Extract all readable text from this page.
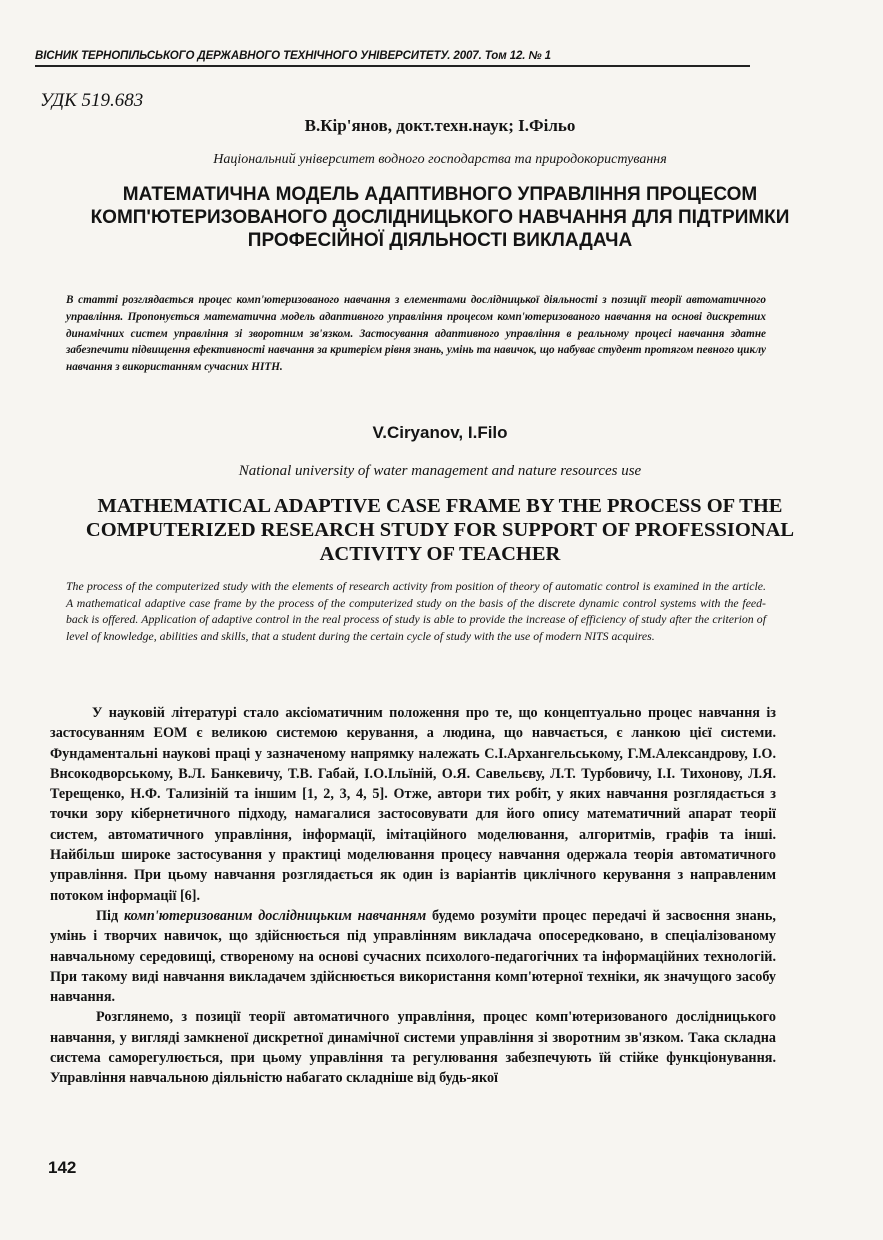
ВІСНИК ТЕРНОПІЛЬСЬКОГО ДЕРЖАВНОГО ТЕХНІЧНОГО УНІВЕРСИТЕТУ. 2007. Том 12. № 1
УДК 519.683
В.Кір'янов, докт.техн.наук; І.Фільо
Національний університет водного господарства та природокористування
МАТЕМАТИЧНА МОДЕЛЬ АДАПТИВНОГО УПРАВЛІННЯ ПРОЦЕСОМ КОМП'ЮТЕРИЗОВАНОГО ДОСЛІДНИЦЬКОГО НАВЧАННЯ ДЛЯ ПІДТРИМКИ ПРОФЕСІЙНОЇ ДІЯЛЬНОСТІ ВИКЛАДАЧА
В статті розглядається процес комп'ютеризованого навчання з елементами дослідницької діяльності з позиції теорії автоматичного управління. Пропонується математична модель адаптивного управління процесом комп'ютеризованого навчання на основі дискретних динамічних систем управління зі зворотним зв'язком. Застосування адаптивного управління в реальному процесі навчання здатне забезпечити підвищення ефективності навчання за критерієм рівня знань, умінь та навичок, що набуває студент протягом певного циклу навчання з використанням сучасних НІТН.
V.Ciryanov, I.Filo
National university of water management and nature resources use
MATHEMATICAL ADAPTIVE CASE FRAME BY THE PROCESS OF THE COMPUTERIZED RESEARCH STUDY FOR SUPPORT OF PROFESSIONAL ACTIVITY OF TEACHER
The process of the computerized study with the elements of research activity from position of theory of automatic control is examined in the article. A mathematical adaptive case frame by the process of the computerized study on the basis of the discrete dynamic control systems with the feed-back is offered. Application of adaptive control in the real process of study is able to provide the increase of efficiency of study after the criterion of level of knowledge, abilities and skills, that a student during the certain cycle of study with the use of modern NITS acquires.

У науковій літературі стало аксіоматичним положення про те, що концептуально процес навчання із застосуванням ЕОМ є великою системою керування, а людина, що навчається, є ланкою цієї системи. Фундаментальні наукові праці у зазначеному напрямку належать С.І.Архангельському, Г.М.Александрову, І.О. Внсокодворському, В.Л. Банкевичу, Т.В. Габай, І.О.Ільїній, О.Я. Савельєву, Л.Т. Турбовичу, І.І. Тихонову, Л.Я. Терещенко, Н.Ф. Тализіній та іншим [1, 2, 3, 4, 5]. Отже, автори тих робіт, у яких навчання розглядається з точки зору кібернетичного підходу, намагалися застосовувати для його опису математичний апарат теорії систем, автоматичного управління, інформації, імітаційного моделювання, алгоритмів, графів та інші. Найбільш широке застосування у практиці моделювання процесу навчання одержала теорія автоматичного управління. При цьому навчання розглядається як один із варіантів циклічного керування з направленим потоком інформації [6].

Під комп'ютеризованим дослідницьким навчанням будемо розуміти процес передачі й засвоєння знань, умінь і творчих навичок, що здійснюється під управлінням викладача опосередковано, в спеціалізованому навчальному середовищі, створеному на основі сучасних психолого-педагогічних та інформаційних технологій. При такому виді навчання викладачем здійснюється використання комп'ютерної техніки, як значущого засобу навчання.

Розглянемо, з позиції теорії автоматичного управління, процес комп'ютеризованого дослідницького навчання, у вигляді замкненої дискретної динамічної системи управління зі зворотним зв'язком. Така складна система саморегулюється, при цьому управління та регулювання забезпечують їй стійке функціонування. Управління навчальною діяльністю набагато складніше від будь-якої

142
